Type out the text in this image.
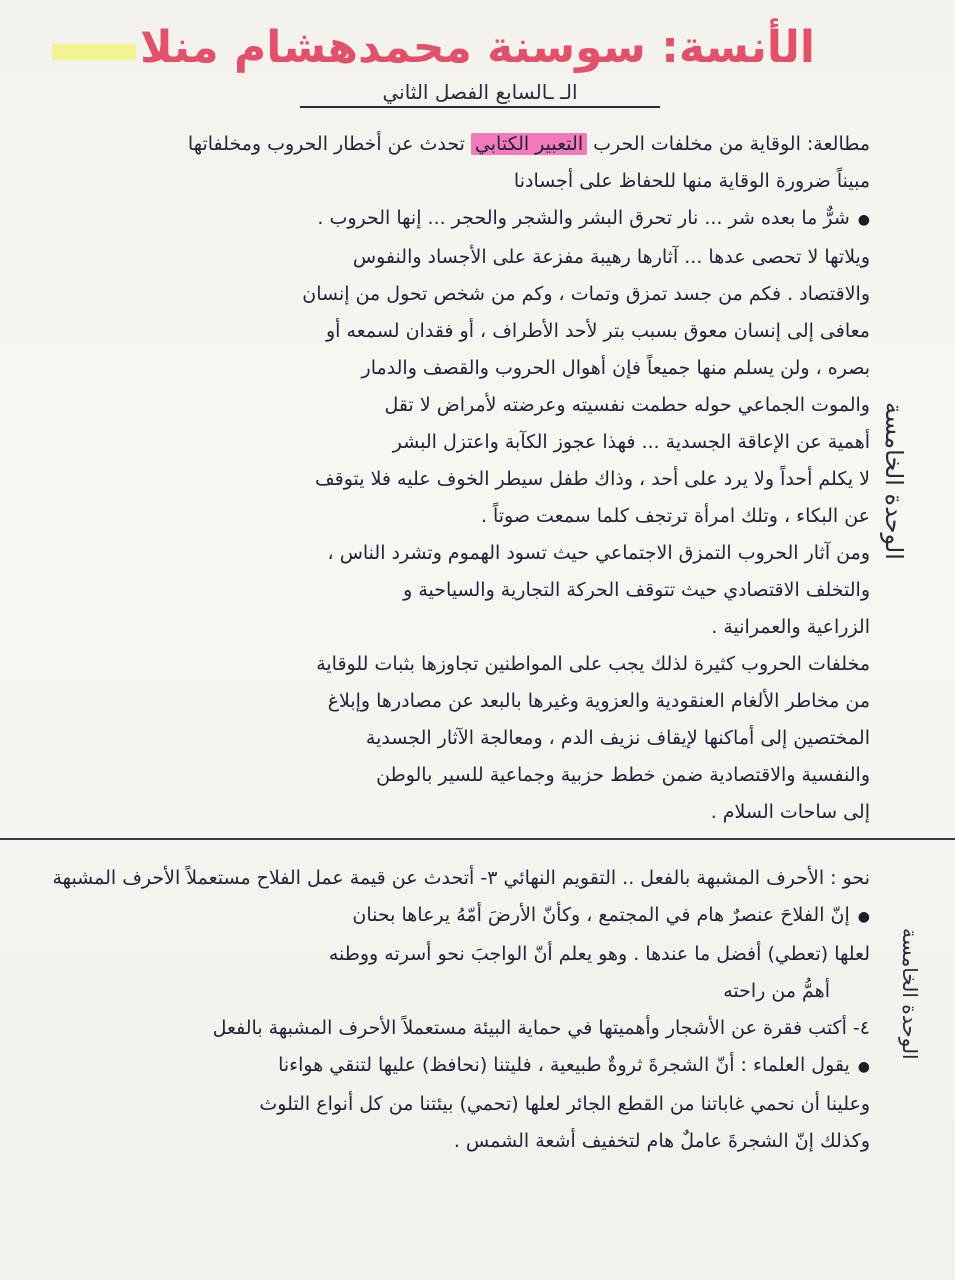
الأنسة: سوسنة محمدهشام منلا
الـ ـالسابع الفصل الثاني
الوحدة الخامسة
مطالعة: الوقاية من مخلفات الحرب التعبير الكتابي تحدث عن أخطار الحروب ومخلفاتها
مبيناً ضرورة الوقاية منها للحفاظ على أجسادنا
● شرٌّ ما بعده شر ... نار تحرق البشر والشجر والحجر ... إنها الحروب .
ويلاتها لا تحصى عدها ... آثارها رهيبة مفزعة على الأجساد والنفوس
والاقتصاد . فكم من جسد تمزق وتمات ، وكم من شخص تحول من إنسان
معافى إلى إنسان معوق بسبب بتر لأحد الأطراف ، أو فقدان لسمعه أو
بصره ، ولن يسلم منها جميعاً فإن أهوال الحروب والقصف والدمار
والموت الجماعي حوله حطمت نفسيته وعرضته لأمراض لا تقل
أهمية عن الإعاقة الجسدية ... فهذا عجوز الكآبة واعتزل البشر
لا يكلم أحداً ولا يرد على أحد ، وذاك طفل سيطر الخوف عليه فلا يتوقف
عن البكاء ، وتلك امرأة ترتجف كلما سمعت صوتاً .
ومن آثار الحروب التمزق الاجتماعي حيث تسود الهموم وتشرد الناس ،
والتخلف الاقتصادي حيث تتوقف الحركة التجارية والسياحية و
الزراعية والعمرانية .
مخلفات الحروب كثيرة لذلك يجب على المواطنين تجاوزها بثبات للوقاية
من مخاطر الألغام العنقودية والعزوية وغيرها بالبعد عن مصادرها وإبلاغ
المختصين إلى أماكنها لإيقاف نزيف الدم ، ومعالجة الآثار الجسدية
والنفسية والاقتصادية ضمن خطط حزبية وجماعية للسير بالوطن
إلى ساحات السلام .
الوحدة الخامسة
نحو : الأحرف المشبهة بالفعل .. التقويم النهائي ٣- أتحدث عن قيمة عمل الفلاح مستعملاً الأحرف المشبهة
● إنّ الفلاحَ عنصرٌ هام في المجتمع ، وكأنّ الأرضَ أمّهُ يرعاها بحنان
لعلها (تعطي) أفضل ما عندها . وهو يعلم أنّ الواجبَ نحو أسرته ووطنه
أهمُّ من راحته
٤- أكتب فقرة عن الأشجار وأهميتها في حماية البيئة مستعملاً الأحرف المشبهة بالفعل
● يقول العلماء : أنّ الشجرةَ ثروةٌ طبيعية ، فليتنا (نحافظ) عليها لتنقي هواءنا
وعلينا أن نحمي غاباتنا من القطع الجائر لعلها (تحمي) بيئتنا من كل أنواع التلوث
وكذلك إنّ الشجرةَ عاملٌ هام لتخفيف أشعة الشمس .
